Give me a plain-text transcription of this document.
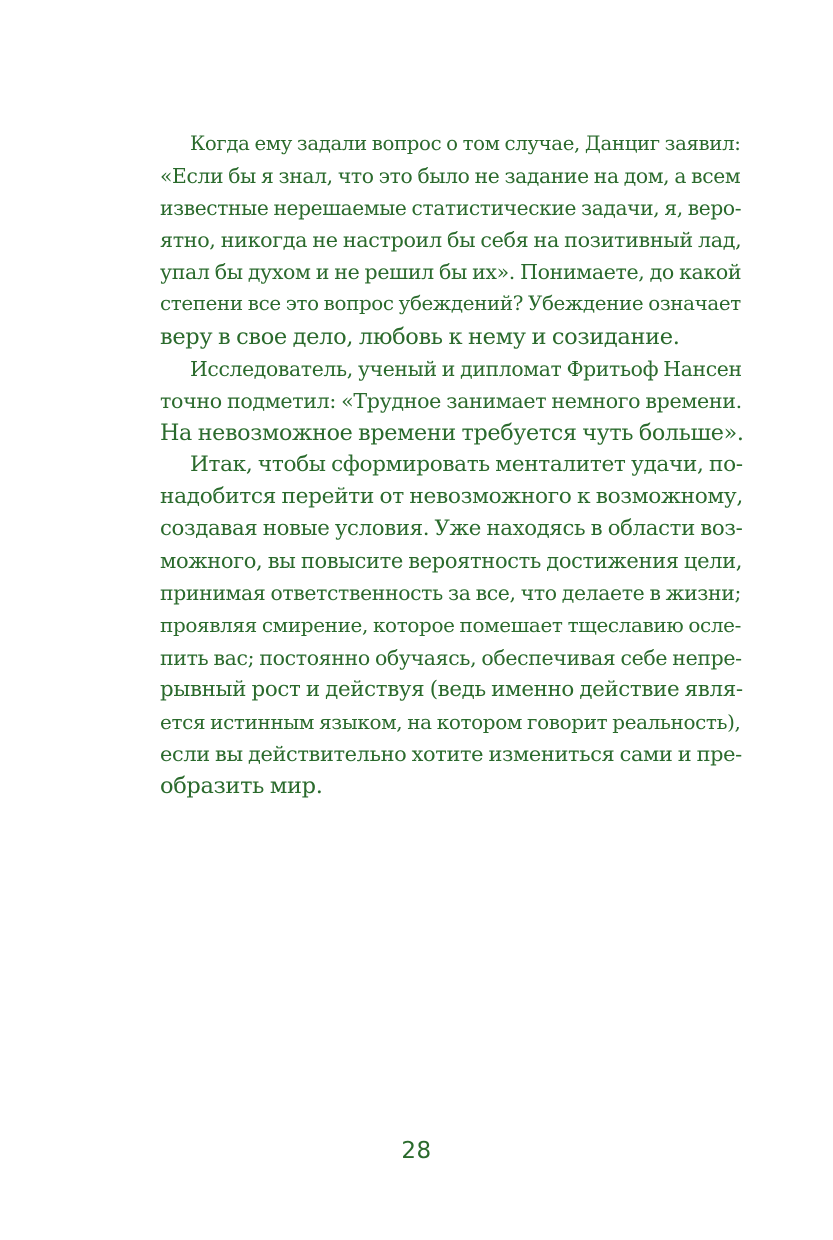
Когда ему задали вопрос о том случае, Данциг заявил:
«Если бы я знал, что это было не задание на дом, а всем
известные нерешаемые статистические задачи, я, веро-
ятно, никогда не настроил бы себя на позитивный лад,
упал бы духом и не решил бы их». Понимаете, до какой
степени все это вопрос убеждений? Убеждение означает
веру в свое дело, любовь к нему и созидание.

Исследователь, ученый и дипломат Фритьоф Нансен
точно подметил: «Трудное занимает немного времени.
На невозможное времени требуется чуть больше».

Итак, чтобы сформировать менталитет удачи, по-
надобится перейти от невозможного к возможному,
создавая новые условия. Уже находясь в области воз-
можного, вы повысите вероятность достижения цели,
принимая ответственность за все, что делаете в жизни;
проявляя смирение, которое помешает тщеславию осле-
пить вас; постоянно обучаясь, обеспечивая себе непре-
рывный рост и действуя (ведь именно действие явля-
ется истинным языком, на котором говорит реальность),
если вы действительно хотите измениться сами и пре-
образить мир.

28
